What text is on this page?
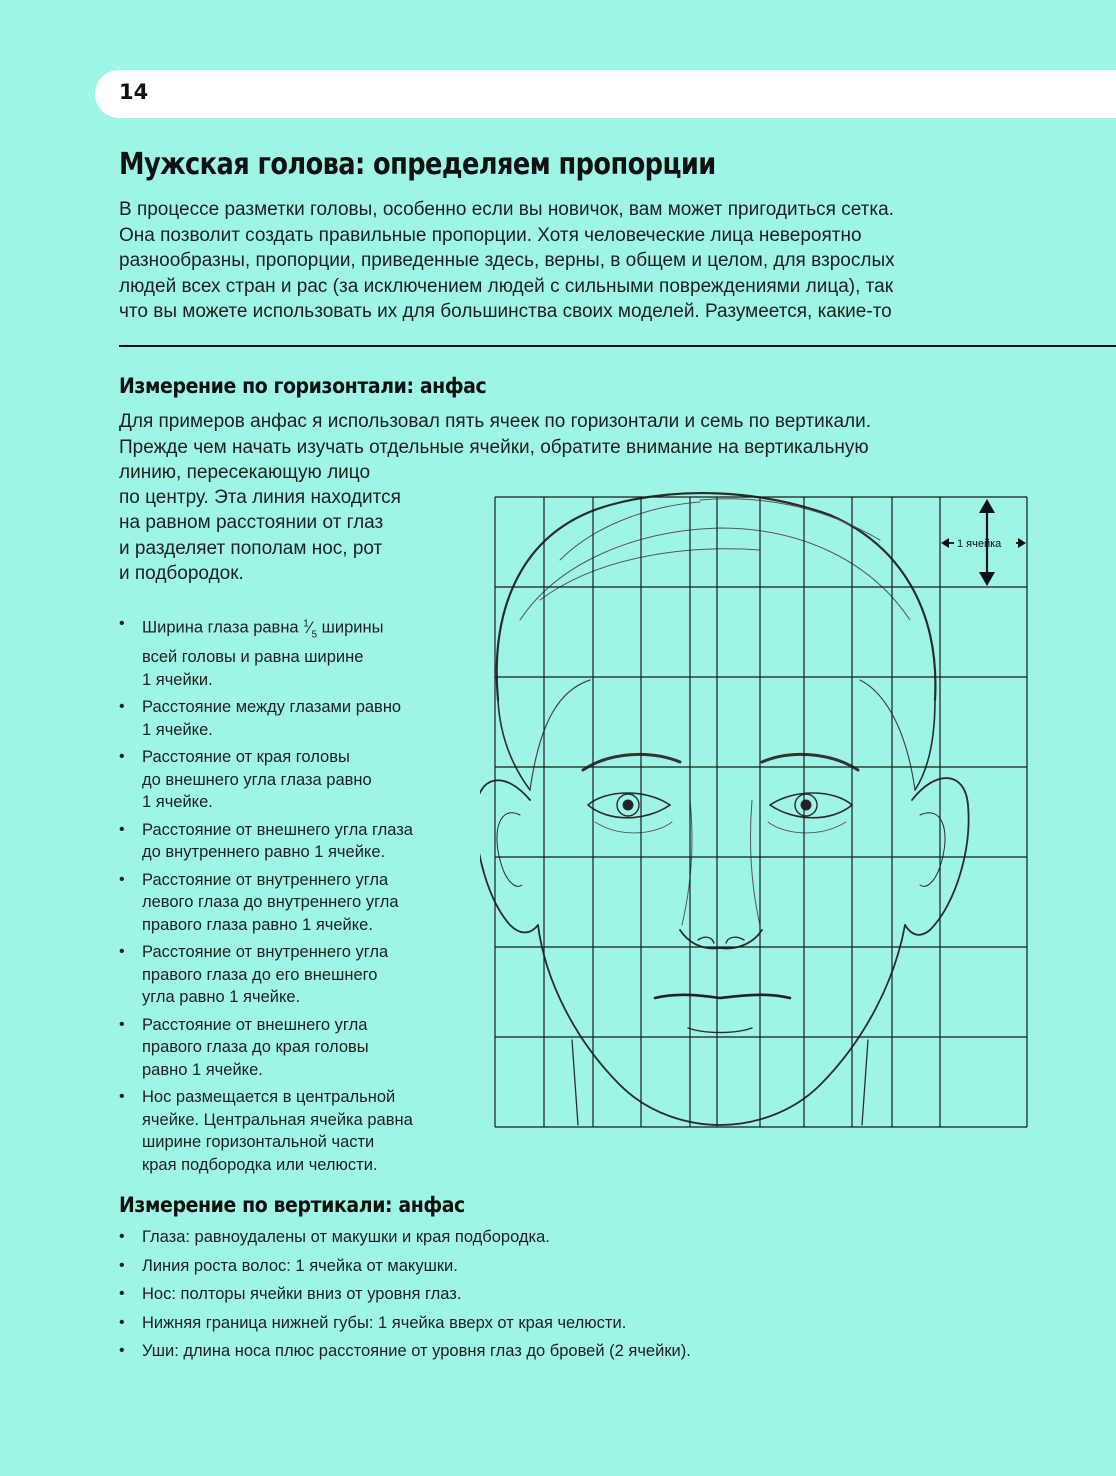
14
Мужская голова: определяем пропорции
В процессе разметки головы, особенно если вы новичок, вам может пригодиться сетка.
Она позволит создать правильные пропорции. Хотя человеческие лица невероятно
разнообразны, пропорции, приведенные здесь, верны, в общем и целом, для взрослых
людей всех стран и рас (за исключением людей с сильными повреждениями лица), так
что вы можете использовать их для большинства своих моделей. Разумеется, какие-то
Измерение по горизонтали: анфас

Для примеров анфас я использовал пять ячеек по горизонтали и семь по вертикали.

Прежде чем начать изучать отдельные ячейки, обратите внимание на вертикальную

линию, пересекающую лицо

по центру. Эта линия находится

на равном расстоянии от глаз

и разделяет пополам нос, рот

и подбородок.

• Ширина глаза равна $^1⁄_5$ ширины
всей головы и равна ширине
1 ячейки.
• Расстояние между глазами равно
1 ячейке.
• Расстояние от края головы
до внешнего угла глаза равно
1 ячейке.
• Расстояние от внешнего угла глаза
до внутреннего равно 1 ячейке.
• Расстояние от внутреннего угла
левого глаза до внутреннего угла
правого глаза равно 1 ячейке.
• Расстояние от внутреннего угла
правого глаза до его внешнего
угла равно 1 ячейке.
• Расстояние от внешнего угла
правого глаза до края головы
равно 1 ячейке.
• Нос размещается в центральной
ячейке. Центральная ячейка равна
ширине горизонтальной части
края подбородка или челюсти.
1 ячейка
Измерение по вертикали: анфас
• Глаза: равноудалены от макушки и края подбородка.
• Линия роста волос: 1 ячейка от макушки.
• Нос: полторы ячейки вниз от уровня глаз.
• Нижняя граница нижней губы: 1 ячейка вверх от края челюсти.
• Уши: длина носа плюс расстояние от уровня глаз до бровей (2 ячейки).
